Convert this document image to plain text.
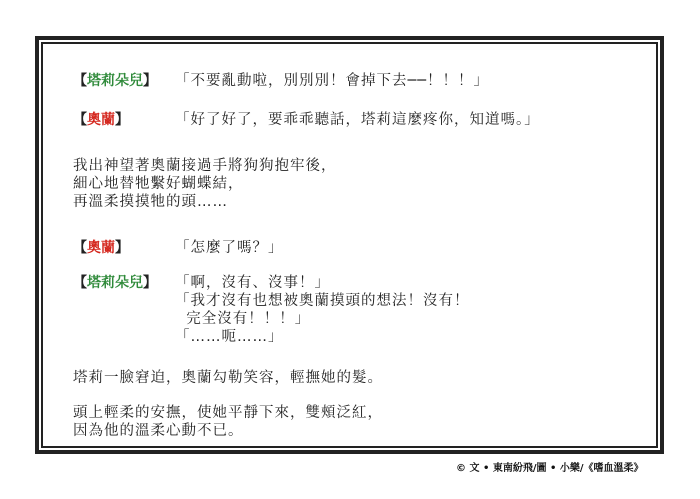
【塔莉朵兒】 「不要亂動啦，別別別！會掉下去──！！！」
【奧蘭】	「好了好了，要乖乖聽話，塔莉這麼疼你，知道嗎。」
我出神望著奧蘭接過手將狗狗抱牢後，
細心地替牠繫好蝴蝶結，
再溫柔摸摸牠的頭……
【奧蘭】	「怎麼了嗎？」
【塔莉朵兒】 「啊，沒有、沒事！」
「我才沒有也想被奧蘭摸頭的想法！沒有！
完全沒有！！！」
「……呃……」
塔莉一臉窘迫，奧蘭勾勒笑容，輕撫她的髮。
頭上輕柔的安撫，使她平靜下來，雙頰泛紅，
因為他的溫柔心動不已。
© 文 • 東南紛飛/圖 • 小樂/《嗜血溫柔》
